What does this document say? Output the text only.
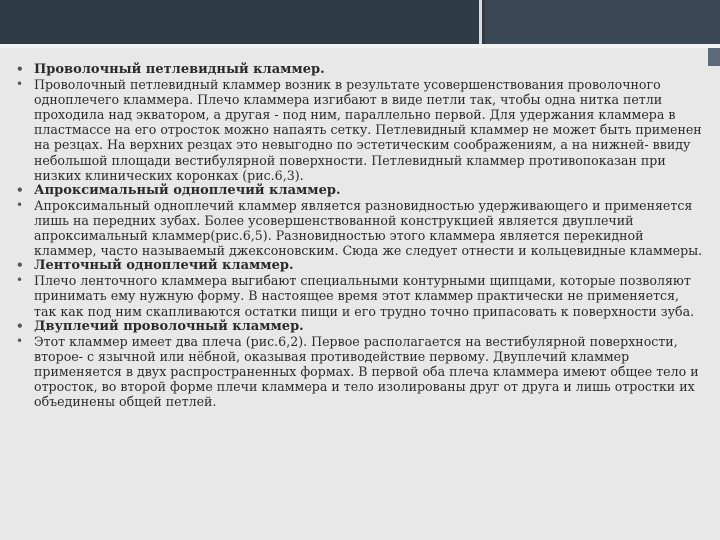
• Проволочный петлевидный кламмер.
• Проволочный петлевидный кламмер возник в результате усовершенствования проволочного одноплечего кламмера. Плечо кламмера изгибают в виде петли так, чтобы одна нитка петли проходила над экватором, а другая - под ним, параллельно первой. Для удержания кламмера в пластмассе на его отросток можно напаять сетку. Петлевидный кламмер не может быть применен на резцах. На верхних резцах это невыгодно по эстетическим соображениям, а на нижней- ввиду небольшой площади вестибулярной поверхности. Петлевидный кламмер противопоказан при низких клинических коронках (рис.6,3).
• Апроксимальный одноплечий кламмер.
• Апроксимальный одноплечий кламмер является разновидностью удерживающего и применяется лишь на передних зубах. Более усовершенствованной конструкцией является двуплечий апроксимальный кламмер(рис.6,5). Разновидностью этого кламмера является перекидной кламмер, часто называемый джексоновским. Сюда же следует отнести и кольцевидные кламмеры.
• Ленточный одноплечий кламмер.
• Плечо ленточного кламмера выгибают специальными контурными щипцами, которые позволяют принимать ему нужную форму. В настоящее время этот кламмер практически не применяется, так как под ним скапливаются остатки пищи и его трудно точно припасовать к поверхности зуба.
• Двуплечий проволочный кламмер.
• Этот кламмер имеет два плеча (рис.6,2). Первое располагается на вестибулярной поверхности, второе- с язычной или нёбной, оказывая противодействие первому. Двуплечий кламмер применяется в двух распространенных формах. В первой оба плеча кламмера имеют общее тело и отросток, во второй форме плечи кламмера и тело изолированы друг от друга и лишь отростки их объединены общей петлей.
